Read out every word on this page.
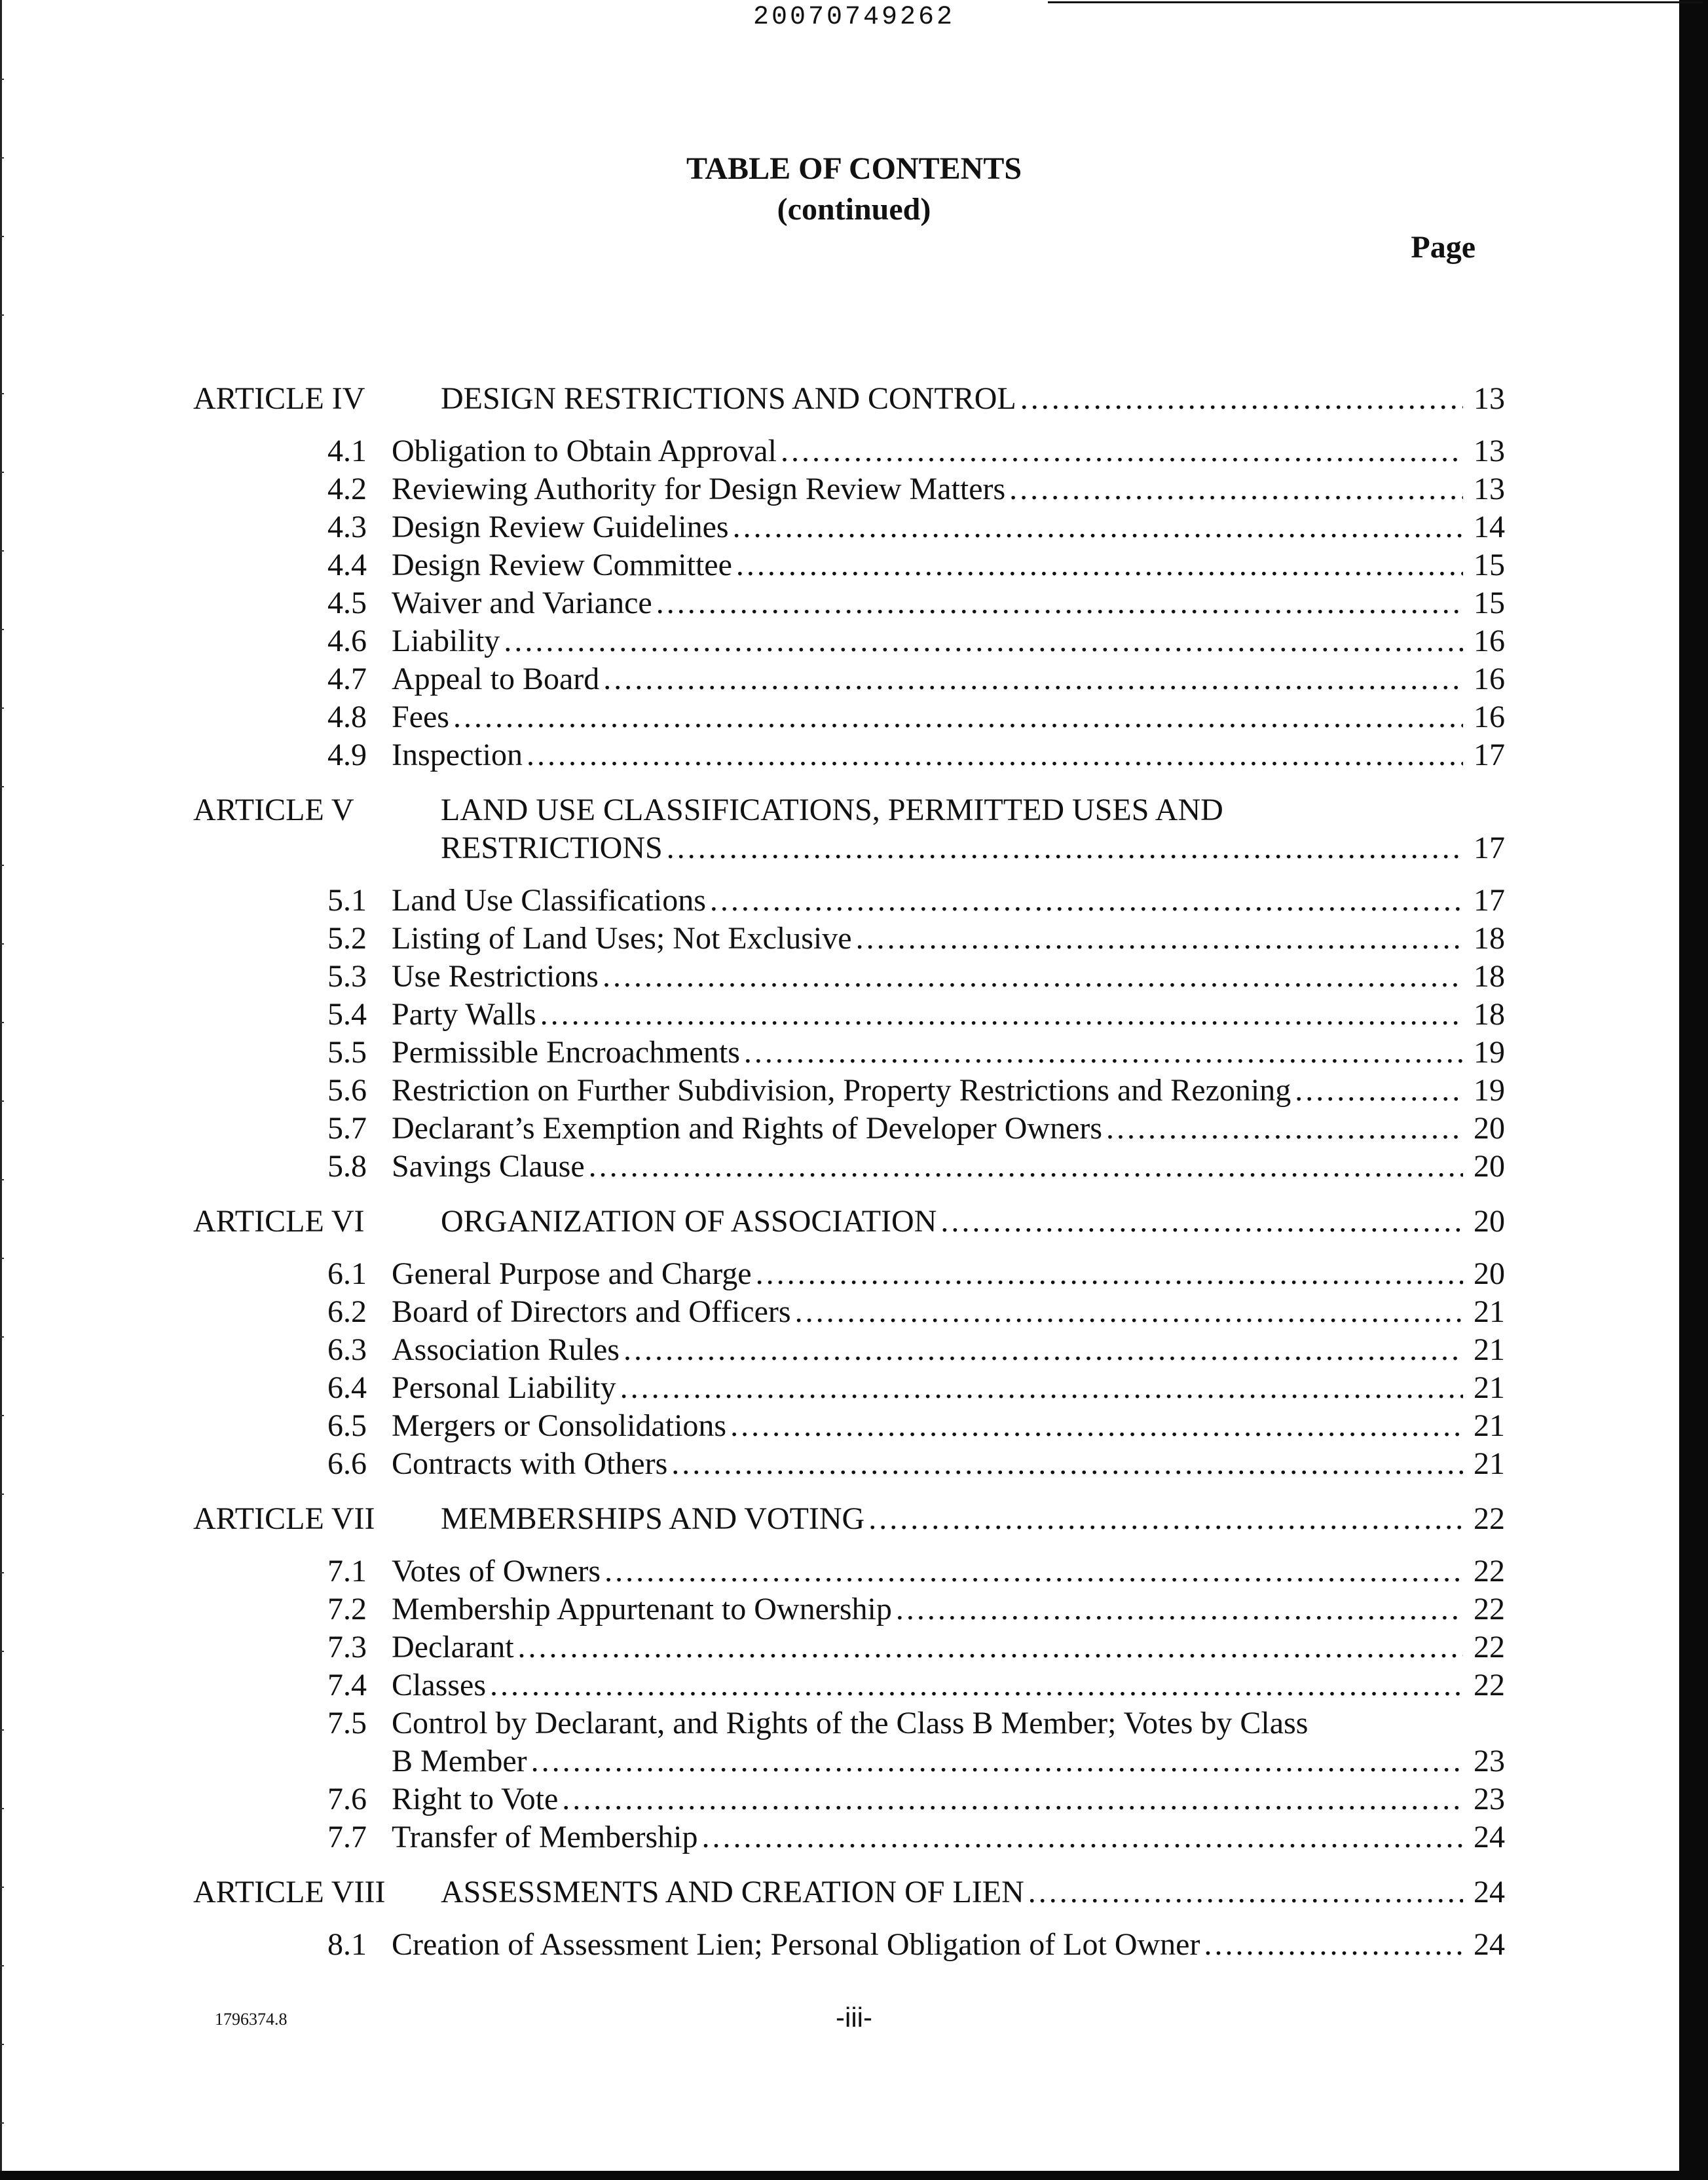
20070749262
TABLE OF CONTENTS
(continued)
Page
ARTICLE IV DESIGN RESTRICTIONS AND CONTROL . . .	13
4.1 Obligation to Obtain Approval . . .	13
4.2 Reviewing Authority for Design Review Matters . . .	13
4.3 Design Review Guidelines . . .	14
4.4 Design Review Committee . . .	15
4.5 Waiver and Variance . . .	15
4.6 Liability . . .	16
4.7 Appeal to Board . . .	16
4.8 Fees . . .	16
4.9 Inspection . . .	17
ARTICLE V	LAND USE CLASSIFICATIONS, PERMITTED USES AND
RESTRICTIONS . . .	17
5.1 Land Use Classifications . . .	17
5.2 Listing of Land Uses; Not Exclusive . . .	18
5.3 Use Restrictions . . .	18
5.4 Party Walls . . .	18
5.5 Permissible Encroachments . . .	19
5.6 Restriction on Further Subdivision, Property Restrictions and Rezoning . . .	19
5.7 Declarant’s Exemption and Rights of Developer Owners . . .	20
5.8 Savings Clause . . .	20
ARTICLE VI ORGANIZATION OF ASSOCIATION . . .	20
6.1 General Purpose and Charge . . .	20
6.2 Board of Directors and Officers . . .	21
6.3 Association Rules . . .	21
6.4 Personal Liability . . .	21
6.5 Mergers or Consolidations . . .	21
6.6 Contracts with Others . . .	21
ARTICLE VII MEMBERSHIPS AND VOTING . . .	22
7.1 Votes of Owners . . .	22
7.2 Membership Appurtenant to Ownership . . .	22
7.3 Declarant . . .	22
7.4 Classes . . .	22
7.5 Control by Declarant, and Rights of the Class B Member; Votes by Class
B Member . . .	23
7.6 Right to Vote . . .	23
7.7 Transfer of Membership . . .	24
ARTICLE VIII ASSESSMENTS AND CREATION OF LIEN . . .	24
8.1 Creation of Assessment Lien; Personal Obligation of Lot Owner . . .	24
1796374.8	-iii-
